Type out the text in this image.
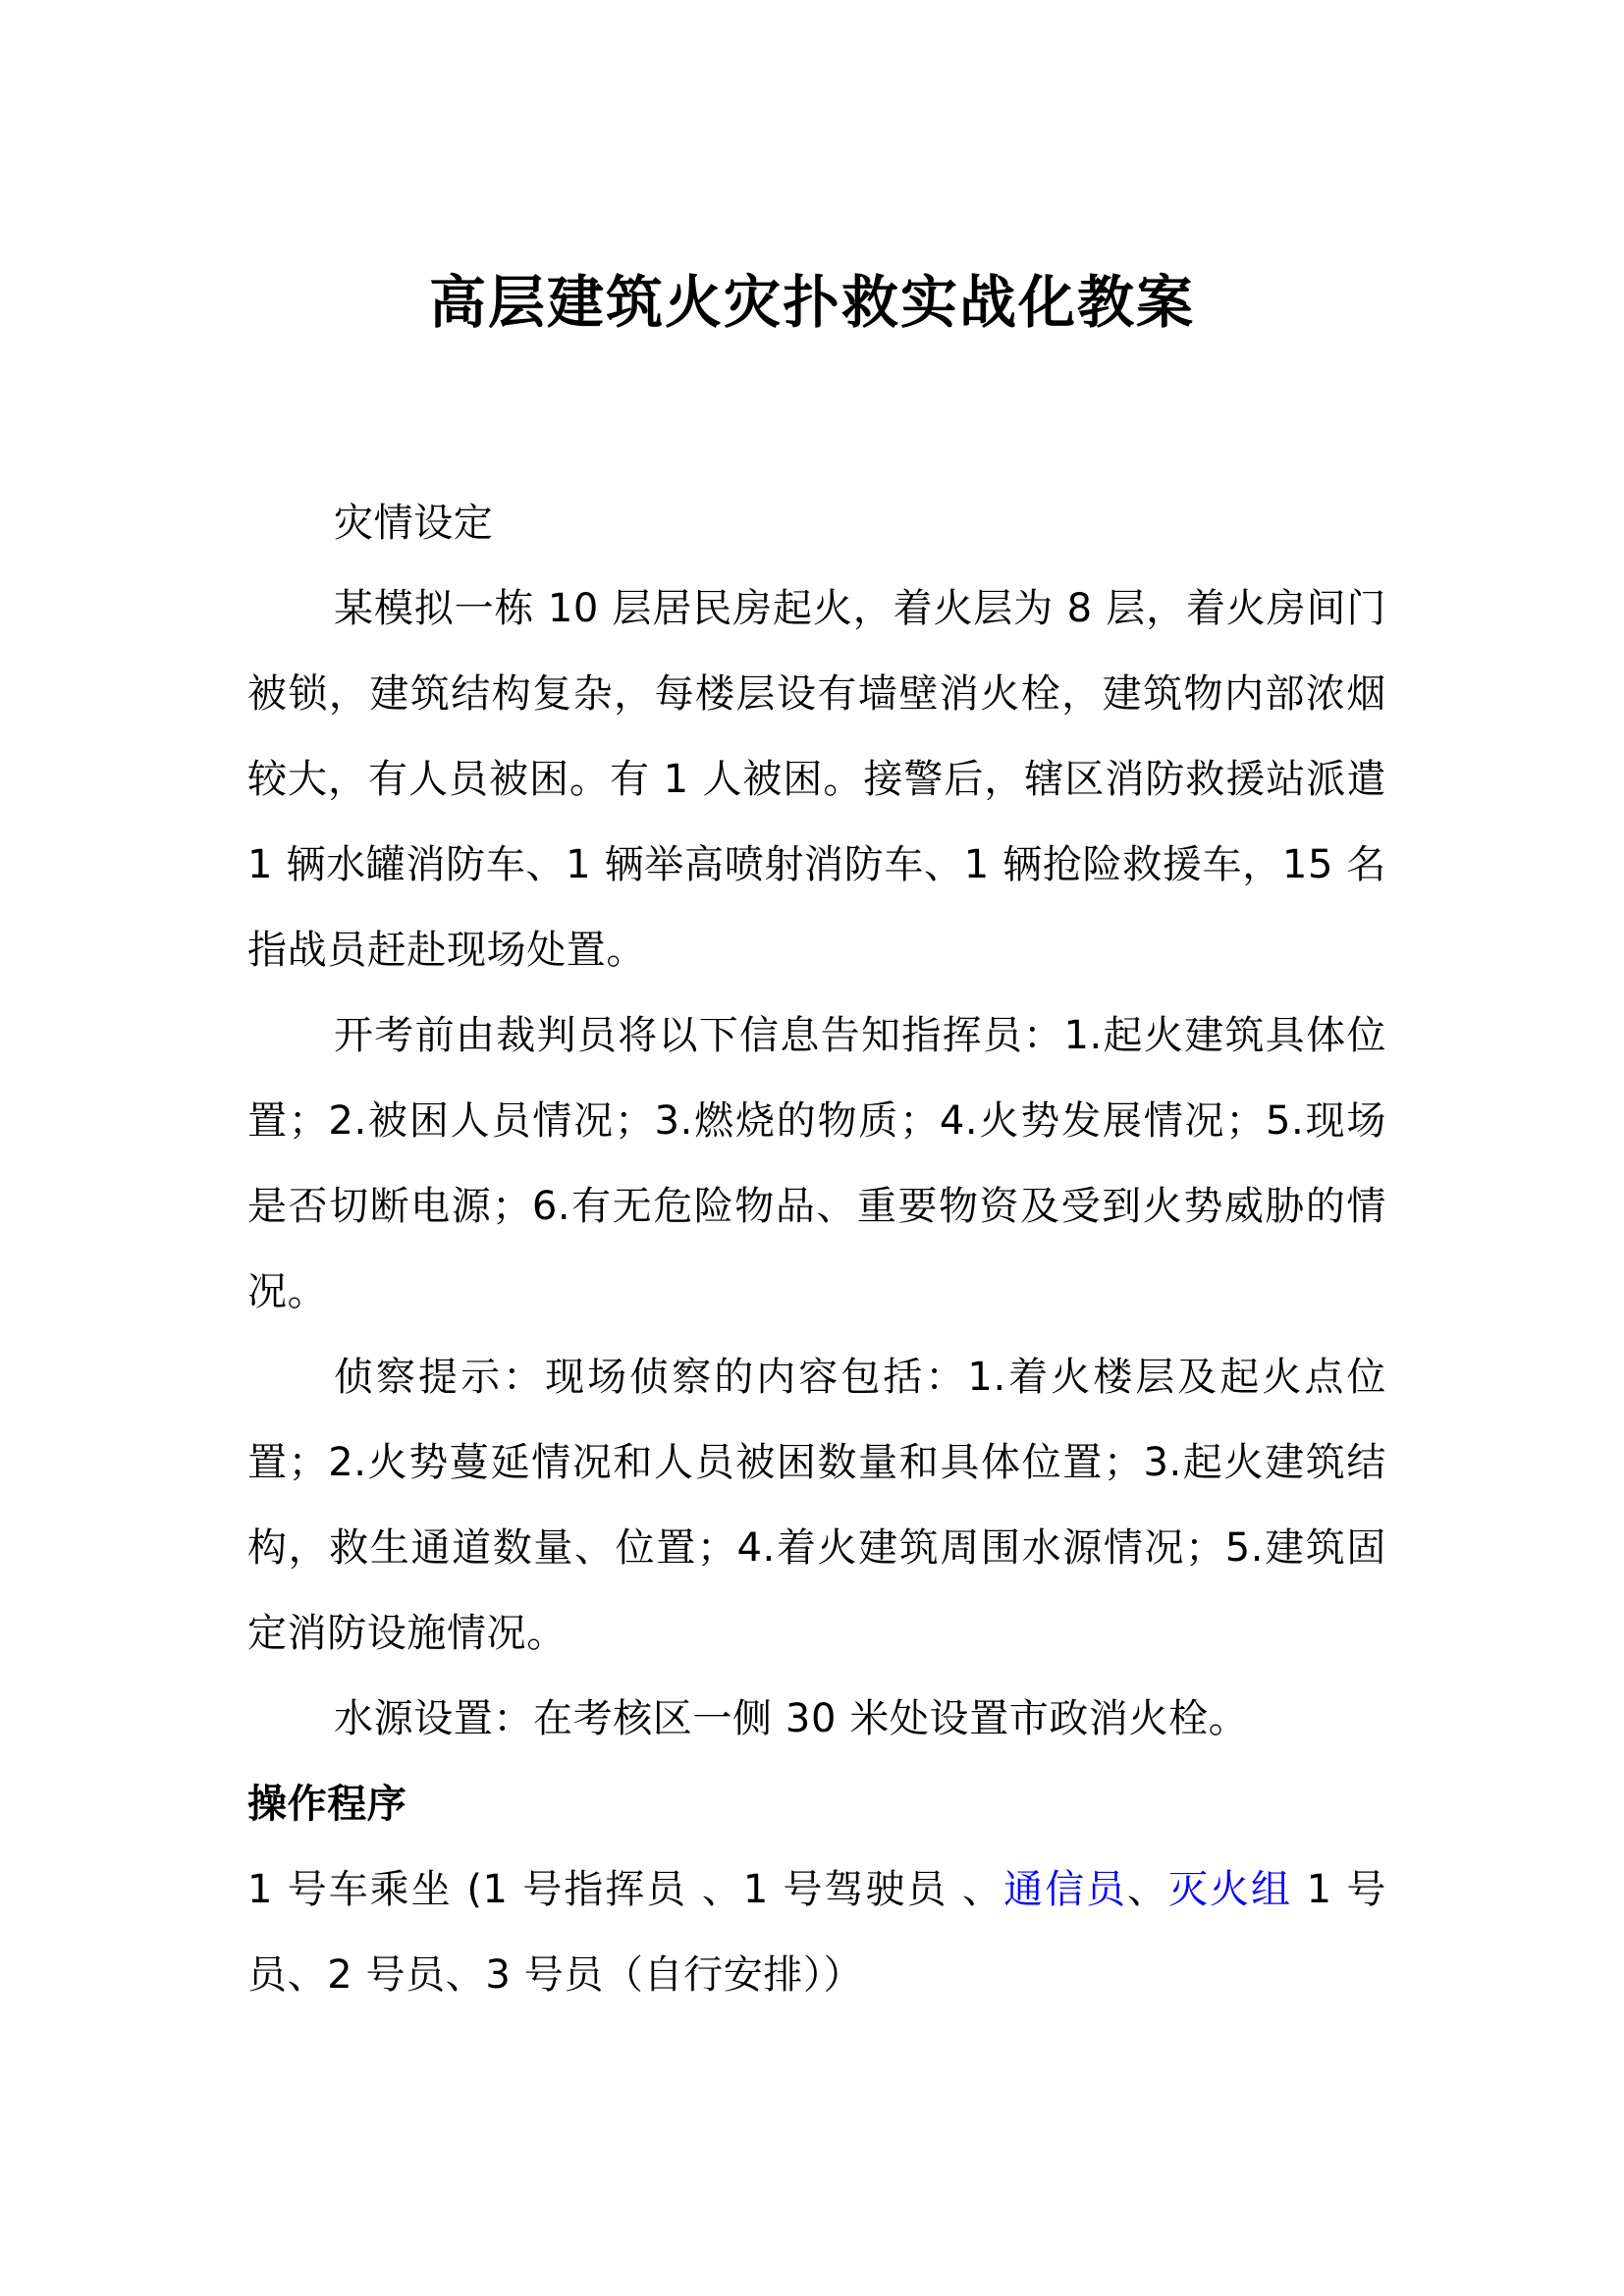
高层建筑火灾扑救实战化教案

灾情设定

某模拟一栋 10 层居民房起火，着火层为 8 层，着火房间门被锁，建筑结构复杂，每楼层设有墙壁消火栓，建筑物内部浓烟较大，有人员被困。有 1 人被困。接警后，辖区消防救援站派遣 1 辆水罐消防车、1 辆举高喷射消防车、1 辆抢险救援车，15 名指战员赶赴现场处置。

开考前由裁判员将以下信息告知指挥员：1.起火建筑具体位置；2.被困人员情况；3.燃烧的物质；4.火势发展情况；5.现场是否切断电源；6.有无危险物品、重要物资及受到火势威胁的情况。

侦察提示：现场侦察的内容包括：1.着火楼层及起火点位置；2.火势蔓延情况和人员被困数量和具体位置；3.起火建筑结构，救生通道数量、位置；4.着火建筑周围水源情况；5.建筑固定消防设施情况。

水源设置：在考核区一侧 30 米处设置市政消火栓。

操作程序

1 号车乘坐 (1 号指挥员 、1 号驾驶员 、通信员、灭火组 1 号员、2 号员、3 号员（自行安排））
